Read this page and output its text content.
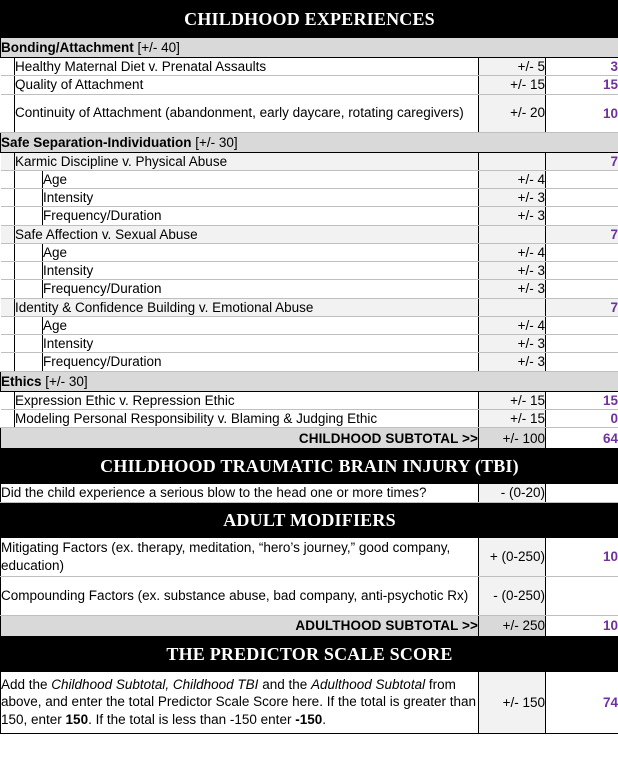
CHILDHOOD EXPERIENCES				
Bonding/Attachment [+/- 40]				
	Healthy Maternal Diet v. Prenatal Assaults		+/- 5	3
	Quality of Attachment		+/- 15	15
	Continuity of Attachment (abandonment, early daycare, rotating caregivers)		+/- 20	10
Safe Separation-Individuation [+/- 30]				
	Karmic Discipline v. Physical Abuse			7
		Age	+/- 4	
		Intensity	+/- 3	
		Frequency/Duration	+/- 3	
	Safe Affection v. Sexual Abuse			7
		Age	+/- 4	
		Intensity	+/- 3	
		Frequency/Duration	+/- 3	
	Identity & Confidence Building v. Emotional Abuse			7
		Age	+/- 4	
		Intensity	+/- 3	
		Frequency/Duration	+/- 3	
Ethics [+/- 30]				
	Expression Ethic v. Repression Ethic		+/- 15	15
	Modeling Personal Responsibility v. Blaming & Judging Ethic		+/- 15	0
CHILDHOOD SUBTOTAL >>			+/- 100	64
CHILDHOOD TRAUMATIC BRAIN INJURY (TBI)				
Did the child experience a serious blow to the head one or more times?			- (0-20)	
ADULT MODIFIERS				
Mitigating Factors (ex. therapy, meditation, “hero’s journey,” good company, education)			+ (0-250)	10
Compounding Factors (ex. substance abuse, bad company, anti-psychotic Rx)			- (0-250)	
ADULTHOOD SUBTOTAL >>			+/- 250	10
THE PREDICTOR SCALE SCORE				
Add the Childhood Subtotal, Childhood TBI and the Adulthood Subtotal from above, and enter the total Predictor Scale Score here. If the total is greater than 150, enter 150. If the total is less than -150 enter -150.			+/- 150	74
